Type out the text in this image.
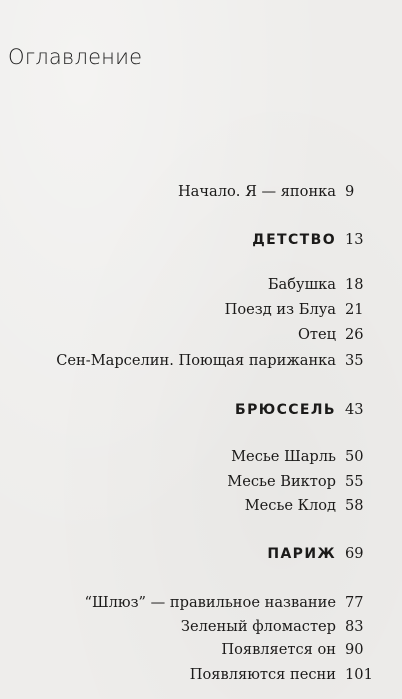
Оглавление
Начало. Я — японка 9
ДЕТСТВО 13
Бабушка 18
Поезд из Блуа 21
Отец 26
Сен-Марселин. Поющая парижанка 35
БРЮССЕЛЬ 43
Месье Шарль 50
Месье Виктор 55
Месье Клод 58
ПАРИЖ 69
“Шлюз” — правильное название 77
Зеленый фломастер 83
Появляется он 90
Появляются песни 101
